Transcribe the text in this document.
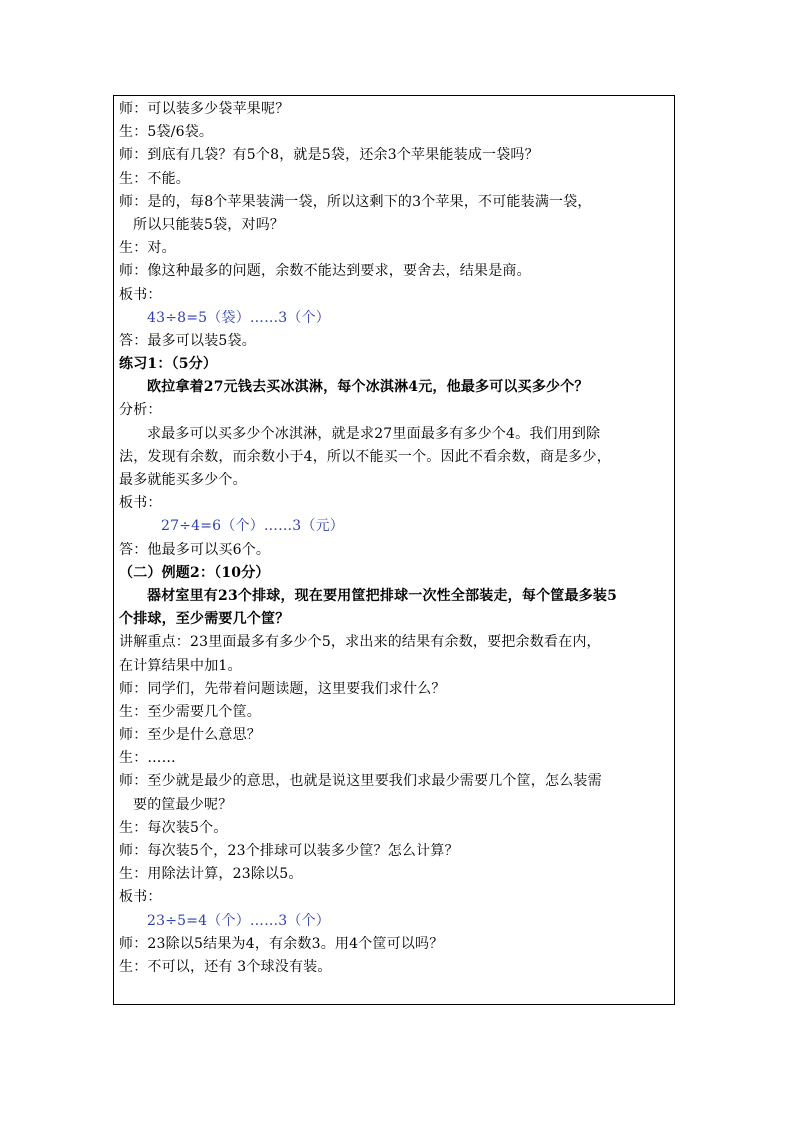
师：可以装多少袋苹果呢？
生：5袋/6袋。
师：到底有几袋？有5个8，就是5袋，还余3个苹果能装成一袋吗？
生：不能。
师：是的，每8个苹果装满一袋，所以这剩下的3个苹果，不可能装满一袋，
所以只能装5袋，对吗？
生：对。
师：像这种最多的问题，余数不能达到要求，要舍去，结果是商。
板书：
43÷8=5（袋）……3（个）
答：最多可以装5袋。
练习1：（5分）
欧拉拿着27元钱去买冰淇淋，每个冰淇淋4元，他最多可以买多少个？
分析：
求最多可以买多少个冰淇淋，就是求27里面最多有多少个4。我们用到除
法，发现有余数，而余数小于4，所以不能买一个。因此不看余数，商是多少，
最多就能买多少个。
板书：
27÷4=6（个）……3（元）
答：他最多可以买6个。
（二）例题2：（10分）
器材室里有23个排球，现在要用筐把排球一次性全部装走，每个筐最多装5
个排球，至少需要几个筐？
讲解重点：23里面最多有多少个5，求出来的结果有余数，要把余数看在内，
在计算结果中加1。
师：同学们，先带着问题读题，这里要我们求什么？
生：至少需要几个筐。
师：至少是什么意思？
生：……
师：至少就是最少的意思，也就是说这里要我们求最少需要几个筐，怎么装需
要的筐最少呢？
生：每次装5个。
师：每次装5个，23个排球可以装多少筐？怎么计算？
生：用除法计算，23除以5。
板书：
23÷5=4（个）……3（个）
师：23除以5结果为4，有余数3。用4个筐可以吗？
生：不可以，还有 3个球没有装。
